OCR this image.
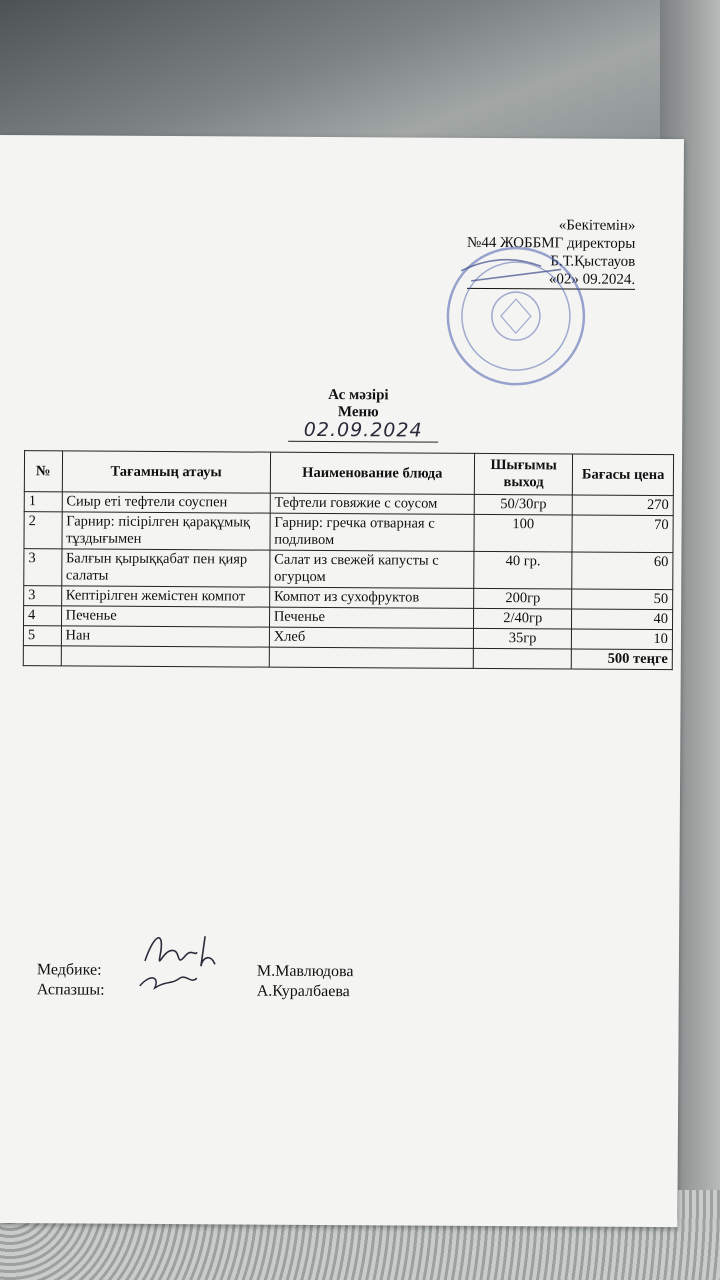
«Бекітемін»
№44 ЖОББМГ директоры
Б.Т.Қыстауов
«02» 09.2024.
Ас мәзірі
Меню
02.09.2024
№	Тағамның атауы	Наименование блюда	Шығымы выход	Бағасы цена
1	Сиыр еті тефтели соуспен	Тефтели говяжие с соусом	50/30гр	270
2	Гарнир: пісірілген қарақұмық тұздығымен	Гарнир: гречка отварная с подливом	100	70
3	Балғын қырыққабат пен қияр салаты	Салат из свежей капусты с огурцом	40 гр.	60
3	Кептірілген жемістен компот	Компот из сухофруктов	200гр	50
4	Печенье	Печенье	2/40гр	40
5	Нан	Хлеб	35гр	10
				500 теңге
Медбике:	М.Мавлюдова
Аспазшы:	А.Куралбаева
